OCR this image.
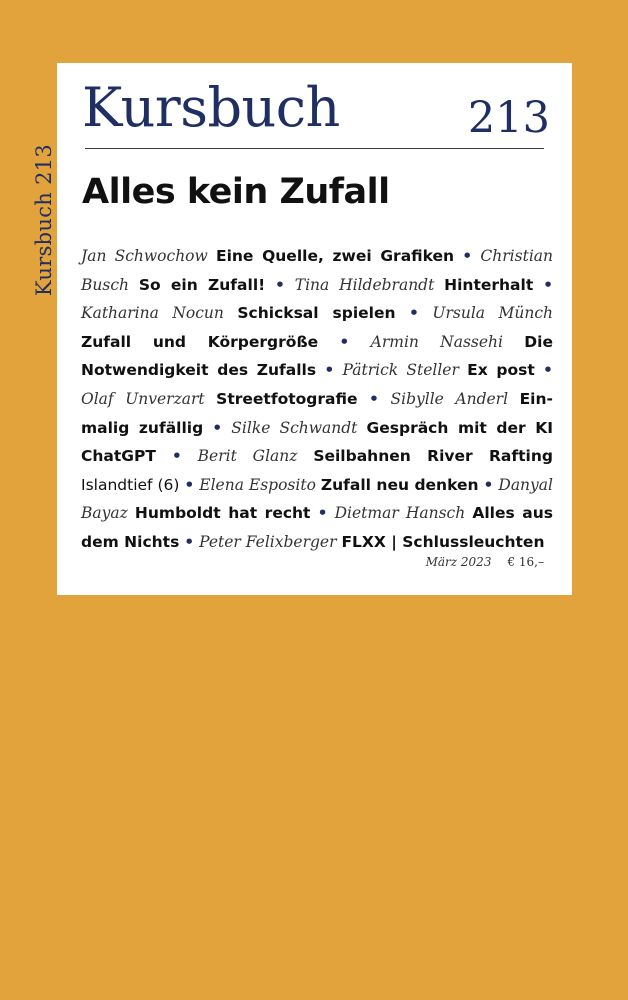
Kursbuch 213
Kursbuch	213
Alles kein Zufall
Jan Schwochow Eine Quelle, zwei Grafiken • Christian Busch So ein Zufall! • Tina Hildebrandt Hinterhalt • Katharina Nocun Schicksal spielen • Ursula Münch Zufall und Körpergröße • Armin Nassehi Die Notwendigkeit des Zufalls • Pätrick Steller Ex post • Olaf Unverzart Streetfotografie • Sibylle Anderl Ein-malig zufällig • Silke Schwandt Gespräch mit der KI ChatGPT • Berit Glanz Seilbahnen River Rafting Islandtief (6) • Elena Esposito Zufall neu denken • Danyal Bayaz Humboldt hat recht • Dietmar Hansch Alles aus dem Nichts • Peter Felixberger FLXX | Schlussleuchten
März 2023 € 16,–
